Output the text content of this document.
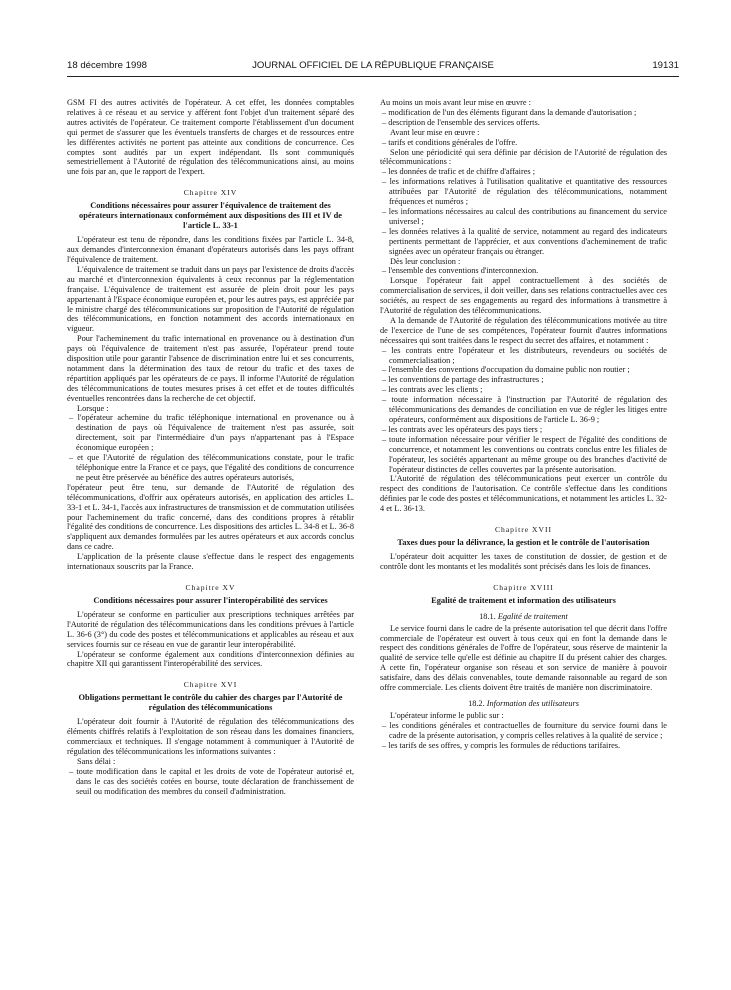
18 décembre 1998	JOURNAL OFFICIEL DE LA RÉPUBLIQUE FRANÇAISE	19131

GSM FI des autres activités de l'opérateur. A cet effet, les données comptables relatives à ce réseau et au service y afférent font l'objet d'un traitement séparé des autres activités de l'opérateur. Ce traitement comporte l'établissement d'un document qui permet de s'assurer que les éventuels transferts de charges et de ressources entre les différentes activités ne portent pas atteinte aux conditions de concurrence. Ces comptes sont audités par un expert indépendant. Ils sont communiqués semestriellement à l'Autorité de régulation des télécommunications ainsi, au moins une fois par an, que le rapport de l'expert.

Chapitre XIV
Conditions nécessaires pour assurer l'équivalence de traitement des opérateurs internationaux conformément aux dispositions des III et IV de l'article L. 33-1

L'opérateur est tenu de répondre, dans les conditions fixées par l'article L. 34-8, aux demandes d'interconnexion émanant d'opérateurs autorisés dans les pays offrant l'équivalence de traitement.

L'équivalence de traitement se traduit dans un pays par l'existence de droits d'accès au marché et d'interconnexion équivalents à ceux reconnus par la réglementation française. L'équivalence de traitement est assurée de plein droit pour les pays appartenant à l'Espace économique européen et, pour les autres pays, est appréciée par le ministre chargé des télécommunications sur proposition de l'Autorité de régulation des télécommunications, en fonction notamment des accords internationaux en vigueur.

Pour l'acheminement du trafic international en provenance ou à destination d'un pays où l'équivalence de traitement n'est pas assurée, l'opérateur prend toute disposition utile pour garantir l'absence de discrimination entre lui et ses concurrents, notamment dans la détermination des taux de retour du trafic et des taxes de répartition appliqués par les opérateurs de ce pays. Il informe l'Autorité de régulation des télécommunications de toutes mesures prises à cet effet et de toutes difficultés éventuelles rencontrées dans la recherche de cet objectif.

Lorsque :

– l'opérateur achemine du trafic téléphonique international en provenance ou à destination de pays où l'équivalence de traitement n'est pas assurée, soit directement, soit par l'intermédiaire d'un pays n'appartenant pas à l'Espace économique européen ;

– et que l'Autorité de régulation des télécommunications constate, pour le trafic téléphonique entre la France et ce pays, que l'égalité des conditions de concurrence ne peut être préservée au bénéfice des autres opérateurs autorisés,

l'opérateur peut être tenu, sur demande de l'Autorité de régulation des télécommunications, d'offrir aux opérateurs autorisés, en application des articles L. 33-1 et L. 34-1, l'accès aux infrastructures de transmission et de commutation utilisées pour l'acheminement du trafic concerné, dans des conditions propres à rétablir l'égalité des conditions de concurrence. Les dispositions des articles L. 34-8 et L. 36-8 s'appliquent aux demandes formulées par les autres opérateurs et aux accords conclus dans ce cadre.

L'application de la présente clause s'effectue dans le respect des engagements internationaux souscrits par la France.

Chapitre XV
Conditions nécessaires pour assurer l'interopérabilité des services

L'opérateur se conforme en particulier aux prescriptions techniques arrêtées par l'Autorité de régulation des télécommunications dans les conditions prévues à l'article L. 36-6 (3°) du code des postes et télécommunications et applicables au réseau et aux services fournis sur ce réseau en vue de garantir leur interopérabilité.

L'opérateur se conforme également aux conditions d'interconnexion définies au chapitre XII qui garantissent l'interopérabilité des services.

Chapitre XVI
Obligations permettant le contrôle du cahier des charges par l'Autorité de régulation des télécommunications

L'opérateur doit fournir à l'Autorité de régulation des télécommunications des éléments chiffrés relatifs à l'exploitation de son réseau dans les domaines financiers, commerciaux et techniques. Il s'engage notamment à communiquer à l'Autorité de régulation des télécommunications les informations suivantes :

Sans délai :

– toute modification dans le capital et les droits de vote de l'opérateur autorisé et, dans le cas des sociétés cotées en bourse, toute déclaration de franchissement de seuil ou modification des membres du conseil d'administration.

Au moins un mois avant leur mise en œuvre :

– modification de l'un des éléments figurant dans la demande d'autorisation ;

– description de l'ensemble des services offerts.

Avant leur mise en œuvre :

– tarifs et conditions générales de l'offre.

Selon une périodicité qui sera définie par décision de l'Autorité de régulation des télécommunications :

– les données de trafic et de chiffre d'affaires ;

– les informations relatives à l'utilisation qualitative et quantitative des ressources attribuées par l'Autorité de régulation des télécommunications, notamment fréquences et numéros ;

– les informations nécessaires au calcul des contributions au financement du service universel ;

– les données relatives à la qualité de service, notamment au regard des indicateurs pertinents permettant de l'apprécier, et aux conventions d'acheminement de trafic signées avec un opérateur français ou étranger.

Dès leur conclusion :

– l'ensemble des conventions d'interconnexion.

Lorsque l'opérateur fait appel contractuellement à des sociétés de commercialisation de services, il doit veiller, dans ses relations contractuelles avec ces sociétés, au respect de ses engagements au regard des informations à transmettre à l'Autorité de régulation des télécommunications.

A la demande de l'Autorité de régulation des télécommunications motivée au titre de l'exercice de l'une de ses compétences, l'opérateur fournit d'autres informations nécessaires qui sont traitées dans le respect du secret des affaires, et notamment :

– les contrats entre l'opérateur et les distributeurs, revendeurs ou sociétés de commercialisation ;

– l'ensemble des conventions d'occupation du domaine public non routier ;

– les conventions de partage des infrastructures ;

– les contrats avec les clients ;

– toute information nécessaire à l'instruction par l'Autorité de régulation des télécommunications des demandes de conciliation en vue de régler les litiges entre opérateurs, conformément aux dispositions de l'article L. 36-9 ;

– les contrats avec les opérateurs des pays tiers ;

– toute information nécessaire pour vérifier le respect de l'égalité des conditions de concurrence, et notamment les conventions ou contrats conclus entre les filiales de l'opérateur, les sociétés appartenant au même groupe ou des branches d'activité de l'opérateur distinctes de celles couvertes par la présente autorisation.

L'Autorité de régulation des télécommunications peut exercer un contrôle du respect des conditions de l'autorisation. Ce contrôle s'effectue dans les conditions définies par le code des postes et télécommunications, et notamment les articles L. 32-4 et L. 36-13.

Chapitre XVII
Taxes dues pour la délivrance, la gestion et le contrôle de l'autorisation

L'opérateur doit acquitter les taxes de constitution de dossier, de gestion et de contrôle dont les montants et les modalités sont précisés dans les lois de finances.

Chapitre XVIII
Egalité de traitement et information des utilisateurs
18.1. Egalité de traitement

Le service fourni dans le cadre de la présente autorisation tel que décrit dans l'offre commerciale de l'opérateur est ouvert à tous ceux qui en font la demande dans le respect des conditions générales de l'offre de l'opérateur, sous réserve de maintenir la qualité de service telle qu'elle est définie au chapitre II du présent cahier des charges. A cette fin, l'opérateur organise son réseau et son service de manière à pouvoir satisfaire, dans des délais convenables, toute demande raisonnable au regard de son offre commerciale. Les clients doivent être traités de manière non discriminatoire.

18.2. Information des utilisateurs

L'opérateur informe le public sur :

– les conditions générales et contractuelles de fourniture du service fourni dans le cadre de la présente autorisation, y compris celles relatives à la qualité de service ;

– les tarifs de ses offres, y compris les formules de réductions tarifaires.
